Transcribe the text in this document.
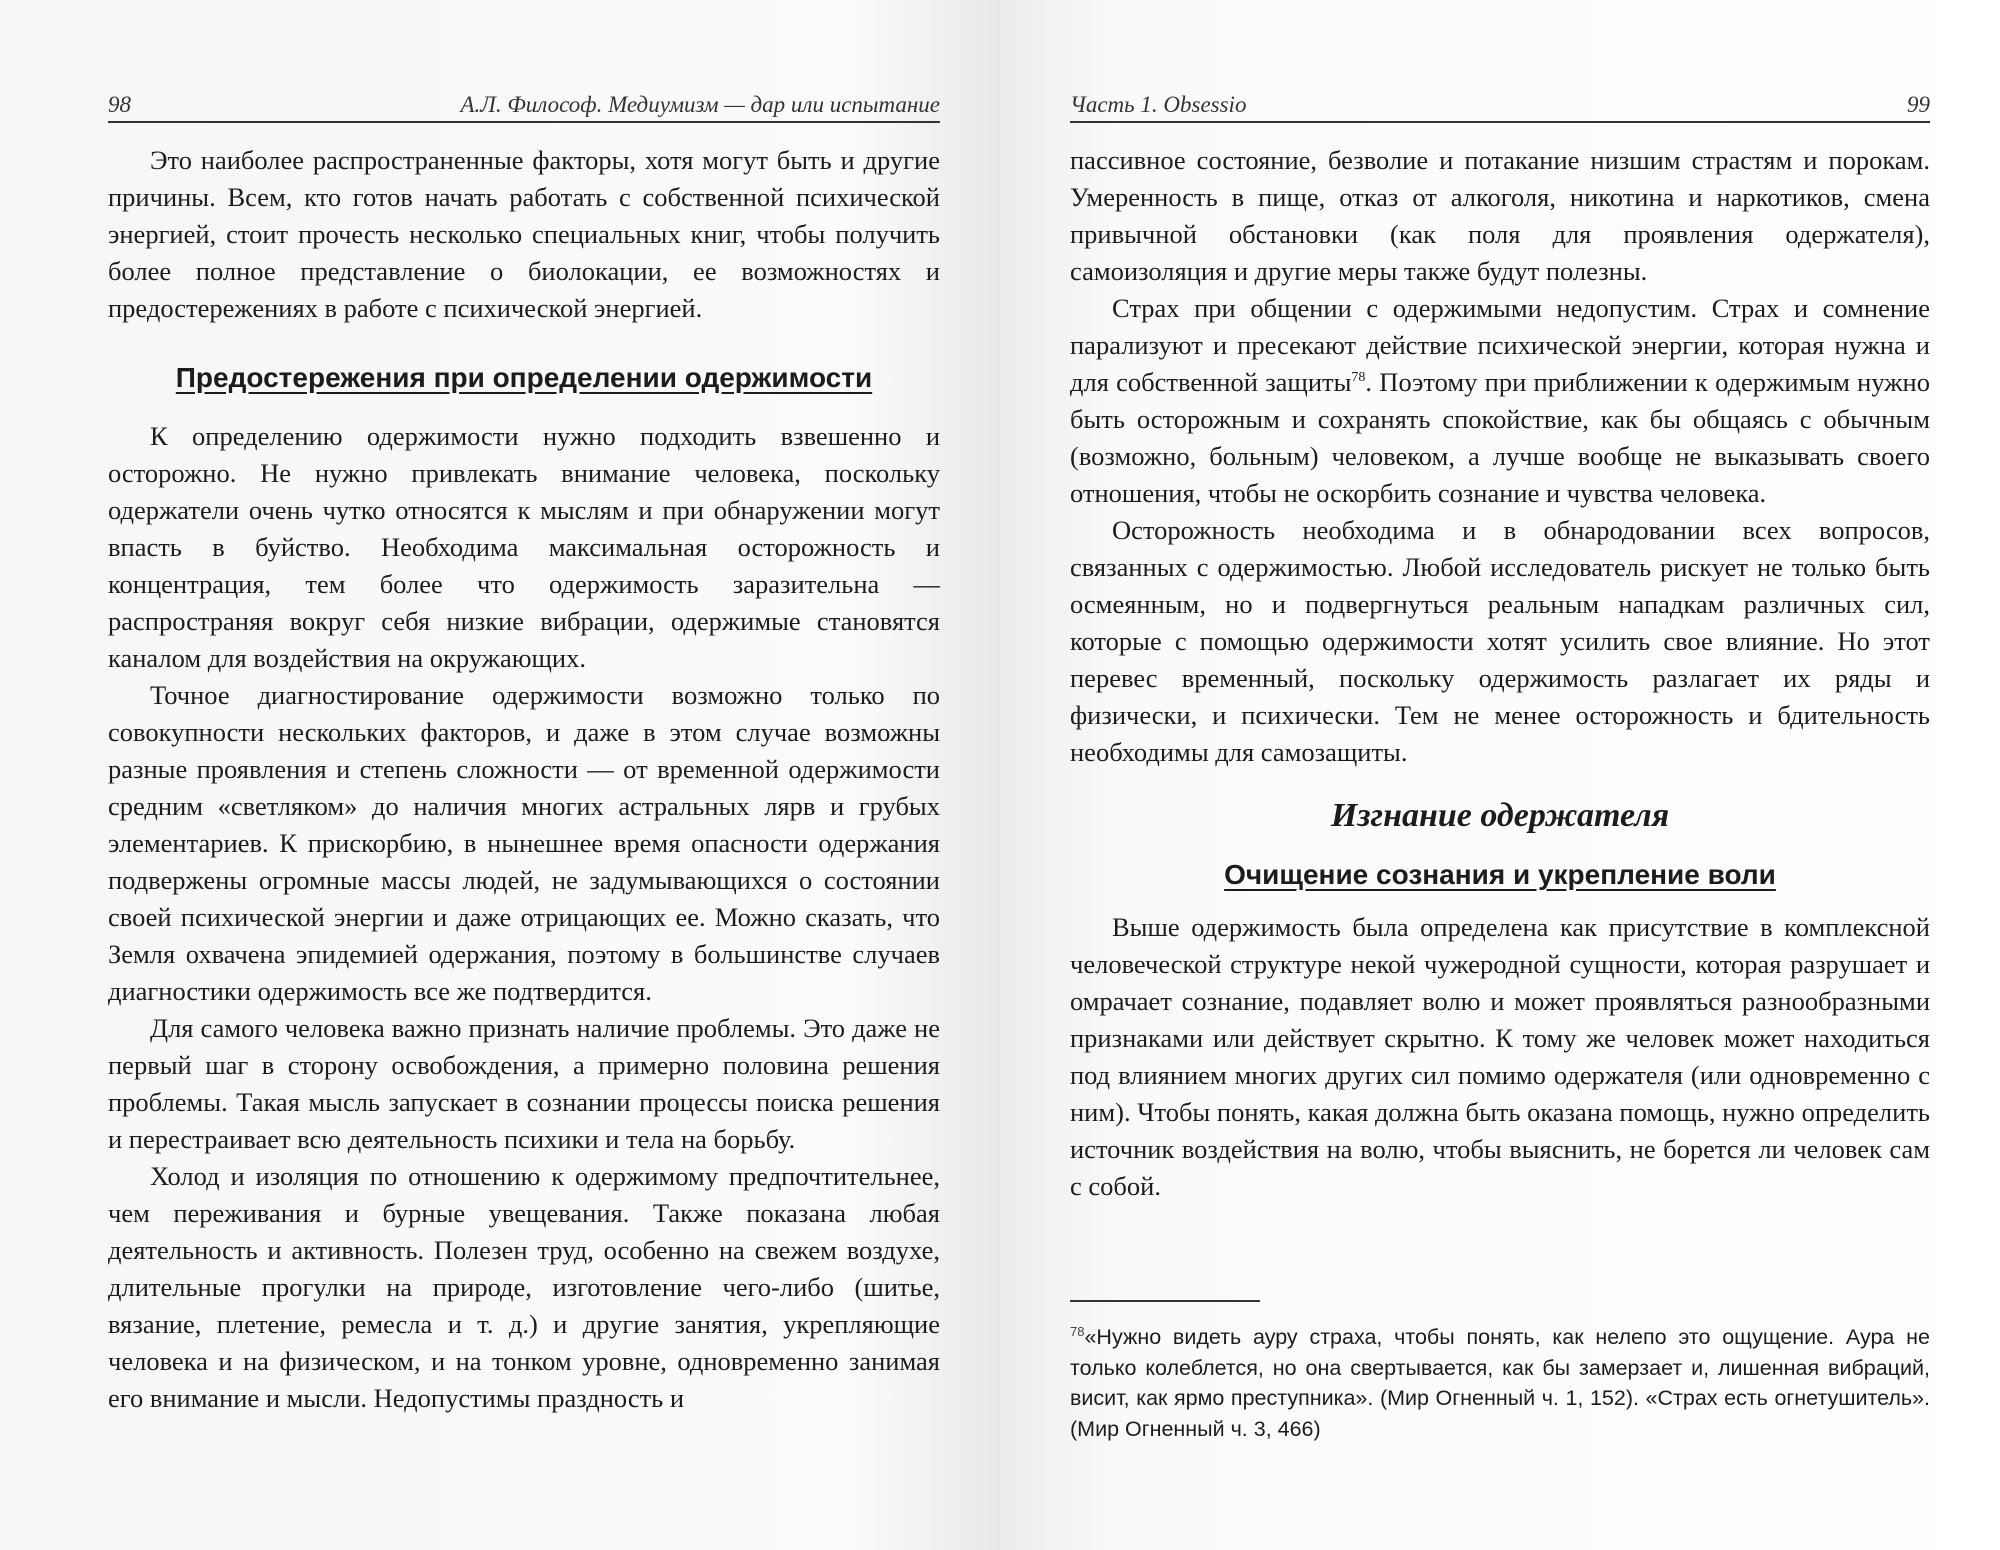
98	А.Л. Философ. Медиумизм — дар или испытание

Это наиболее распространенные факторы, хотя могут быть и другие причины. Всем, кто готов начать работать с собственной психической энергией, стоит прочесть несколько специальных книг, чтобы получить более полное представление о биолокации, ее возможностях и предостережениях в работе с психической энергией.

Предостережения при определении одержимости

К определению одержимости нужно подходить взвешенно и осторожно. Не нужно привлекать внимание человека, поскольку одержатели очень чутко относятся к мыслям и при обнаружении могут впасть в буйство. Необходима максимальная осторожность и концентрация, тем более что одержимость заразительна — распространяя вокруг себя низкие вибрации, одержимые становятся каналом для воздействия на окружающих.

Точное диагностирование одержимости возможно только по совокупности нескольких факторов, и даже в этом случае возможны разные проявления и степень сложности — от временной одержимости средним «светляком» до наличия многих астральных лярв и грубых элементариев. К прискорбию, в нынешнее время опасности одержания подвержены огромные массы людей, не задумывающихся о состоянии своей психической энергии и даже отрицающих ее. Можно сказать, что Земля охвачена эпидемией одержания, поэтому в большинстве случаев диагностики одержимость все же подтвердится.

Для самого человека важно признать наличие проблемы. Это даже не первый шаг в сторону освобождения, а примерно половина решения проблемы. Такая мысль запускает в сознании процессы поиска решения и перестраивает всю деятельность психики и тела на борьбу.

Холод и изоляция по отношению к одержимому предпочтительнее, чем переживания и бурные увещевания. Также показана любая деятельность и активность. Полезен труд, особенно на свежем воздухе, длительные прогулки на природе, изготовление чего-либо (шитье, вязание, плетение, ремесла и т. д.) и другие занятия, укрепляющие человека и на физическом, и на тонком уровне, одновременно занимая его внимание и мысли. Недопустимы праздность и

Часть 1. Obsessio	99

пассивное состояние, безволие и потакание низшим страстям и порокам. Умеренность в пище, отказ от алкоголя, никотина и наркотиков, смена привычной обстановки (как поля для проявления одержателя), самоизоляция и другие меры также будут полезны.

Страх при общении с одержимыми недопустим. Страх и сомнение парализуют и пресекают действие психической энергии, которая нужна и для собственной защиты$^{78}$. Поэтому при приближении к одержимым нужно быть осторожным и сохранять спокойствие, как бы общаясь с обычным (возможно, больным) человеком, а лучше вообще не выказывать своего отношения, чтобы не оскорбить сознание и чувства человека.

Осторожность необходима и в обнародовании всех вопросов, связанных с одержимостью. Любой исследователь рискует не только быть осмеянным, но и подвергнуться реальным нападкам различных сил, которые с помощью одержимости хотят усилить свое влияние. Но этот перевес временный, поскольку одержимость разлагает их ряды и физически, и психически. Тем не менее осторожность и бдительность необходимы для самозащиты.

Изгнание одержателя
Очищение сознания и укрепление воли

Выше одержимость была определена как присутствие в комплексной человеческой структуре некой чужеродной сущности, которая разрушает и омрачает сознание, подавляет волю и может проявляться разнообразными признаками или действует скрытно. К тому же человек может находиться под влиянием многих других сил помимо одержателя (или одновременно с ним). Чтобы понять, какая должна быть оказана помощь, нужно определить источник воздействия на волю, чтобы выяснить, не борется ли человек сам с собой.

$^{78}$«Нужно видеть ауру страха, чтобы понять, как нелепо это ощущение. Аура не только колеблется, но она свертывается, как бы замерзает и, лишенная вибраций, висит, как ярмо преступника». (Мир Огненный ч. 1, 152). «Страх есть огнетушитель». (Мир Огненный ч. 3, 466)
